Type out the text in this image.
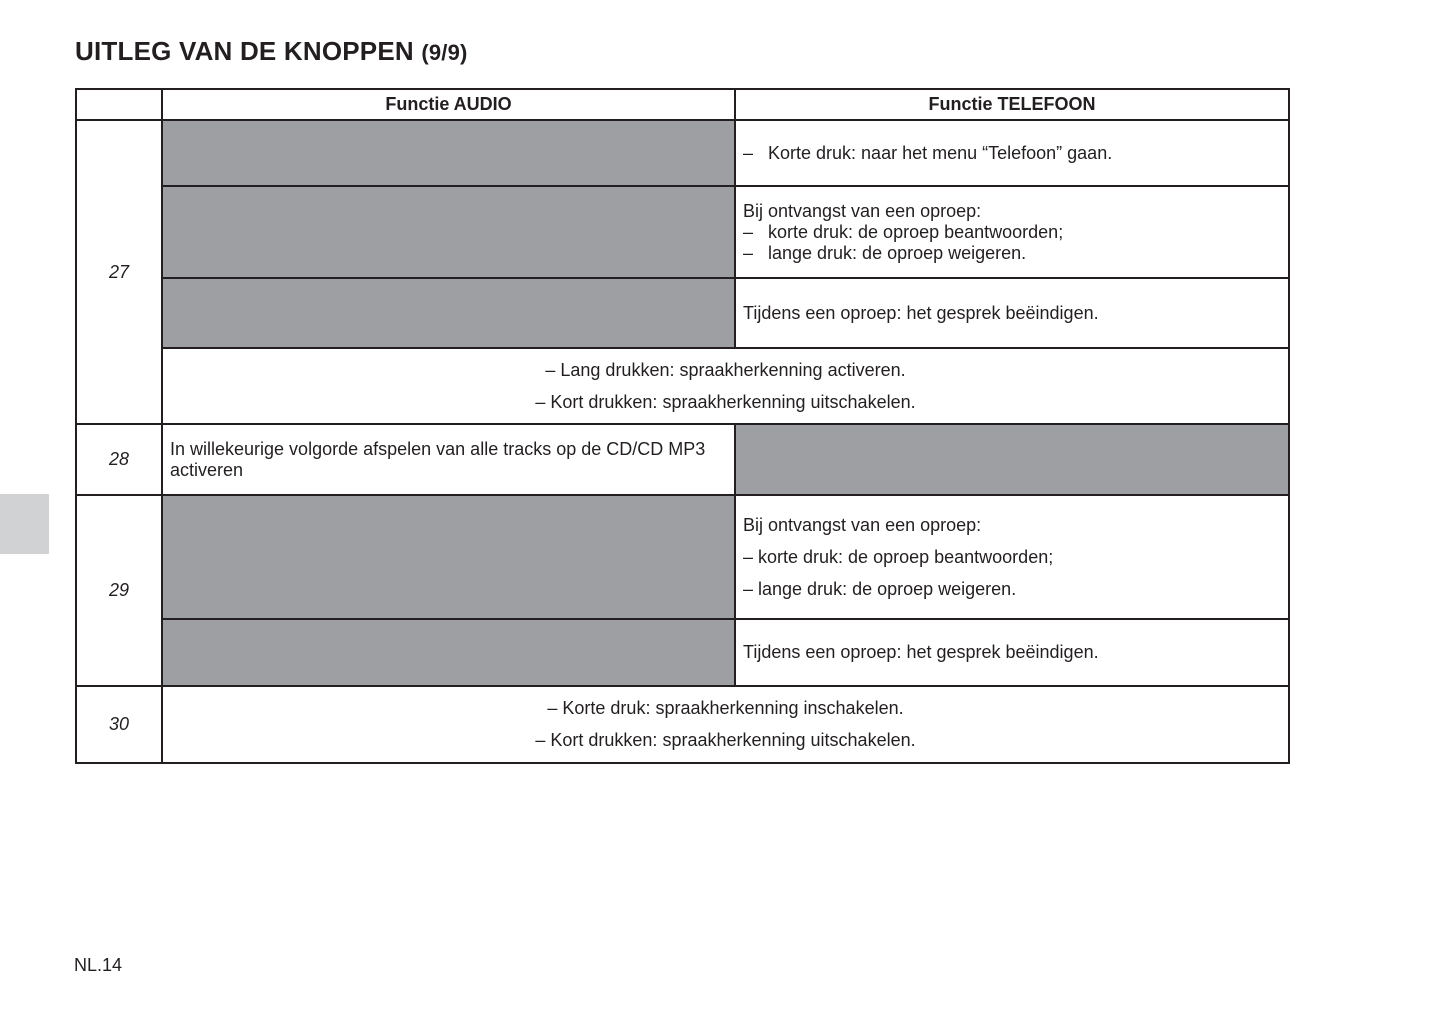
UITLEG VAN DE KNOPPEN (9/9)
	Functie AUDIO	Functie TELEFOON
27		– Korte druk: naar het menu “Telefoon” gaan.

		Bij ontvangst van een oproep:
– korte druk: de oproep beantwoorden;
– lange druk: de oproep weigeren.

		Tijdens een oproep: het gesprek beëindigen.

	– Lang drukken: spraakherkenning activeren.
– Kort drukken: spraakherkenning uitschakelen.	

28	In willekeurige volgorde afspelen van alle tracks op de CD/CD MP3 activeren	
29		Bij ontvangst van een oproep:
– korte druk: de oproep beantwoorden;
– lange druk: de oproep weigeren.

		Tijdens een oproep: het gesprek beëindigen.
30	– Korte druk: spraakherkenning inschakelen.
– Kort drukken: spraakherkenning uitschakelen.	
NL.14
